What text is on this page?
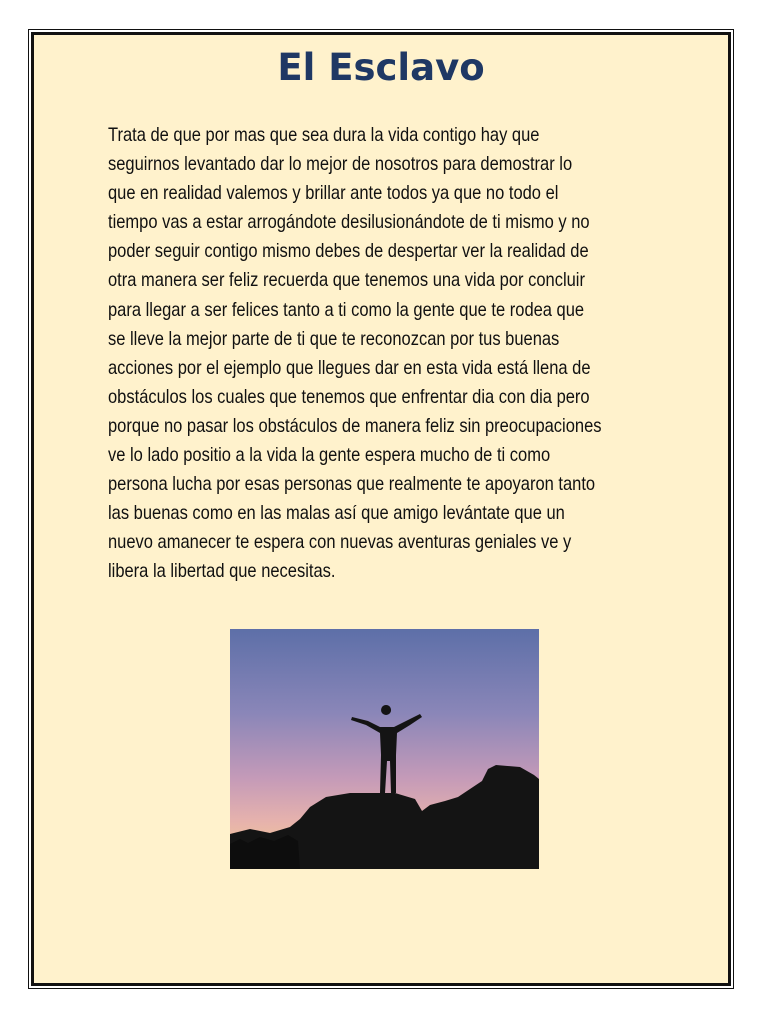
El Esclavo

Trata de que por mas que sea dura la vida contigo hay que
seguirnos levantado dar lo mejor de nosotros para demostrar lo
que en realidad valemos y brillar ante todos ya que no todo el
tiempo vas a estar arrogándote desilusionándote de ti mismo y no
poder seguir contigo mismo debes de despertar ver la realidad de
otra manera ser feliz recuerda que tenemos una vida por concluir
para llegar a ser felices tanto a ti como la gente que te rodea que
se lleve la mejor parte de ti que te reconozcan por tus buenas
acciones por el ejemplo que llegues dar en esta vida está llena de
obstáculos los cuales que tenemos que enfrentar dia con dia pero
porque no pasar los obstáculos de manera feliz sin preocupaciones
ve lo lado positio a la vida la gente espera mucho de ti como
persona lucha por esas personas que realmente te apoyaron tanto
las buenas como en las malas así que amigo levántate que un
nuevo amanecer te espera con nuevas aventuras geniales ve y
libera la libertad que necesitas.
